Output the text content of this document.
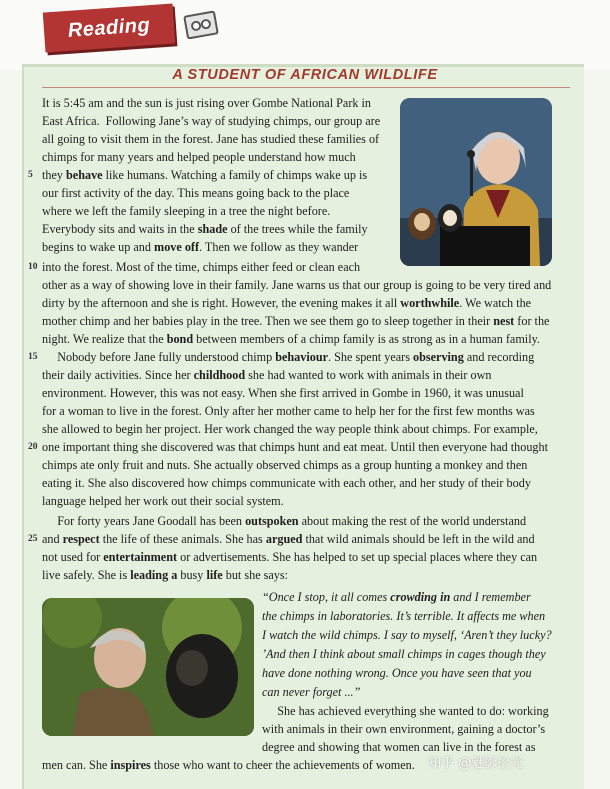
Reading
A STUDENT OF AFRICAN WILDLIFE
It is 5:45 am and the sun is just rising over Gombe National Park in
East Africa.  Following Jane’s way of studying chimps, our group are
all going to visit them in the forest. Jane has studied these families of
chimps for many years and helped people understand how much
5 they behave like humans. Watching a family of chimps wake up is
our first activity of the day. This means going back to the place
where we left the family sleeping in a tree the night before.
Everybody sits and waits in the shade of the trees while the family
begins to wake up and move off. Then we follow as they wander
10 into the forest. Most of the time, chimps either feed or clean each
other as a way of showing love in their family. Jane warns us that our group is going to be very tired and
dirty by the afternoon and she is right. However, the evening makes it all worthwhile. We watch the
mother chimp and her babies play in the tree. Then we see them go to sleep together in their nest for the
night. We realize that the bond between members of a chimp family is as strong as in a human family.
15 Nobody before Jane fully understood chimp behaviour. She spent years observing and recording
their daily activities. Since her childhood she had wanted to work with animals in their own
environment. However, this was not easy. When she first arrived in Gombe in 1960, it was unusual
for a woman to live in the forest. Only after her mother came to help her for the first few months was
she allowed to begin her project. Her work changed the way people think about chimps. For example,
20 one important thing she discovered was that chimps hunt and eat meat. Until then everyone had thought
chimps ate only fruit and nuts. She actually observed chimps as a group hunting a monkey and then
eating it. She also discovered how chimps communicate with each other, and her study of their body
language helped her work out their social system.
For forty years Jane Goodall has been outspoken about making the rest of the world understand
25 and respect the life of these animals. She has argued that wild animals should be left in the wild and
not used for entertainment or advertisements. She has helped to set up special places where they can
live safely. She is leading a busy life but she says:
“Once I stop, it all comes crowding in and I remember
the chimps in laboratories. It’s terrible. It affects me when
I watch the wild chimps. I say to myself, ‘Aren’t they lucky?
’And then I think about small chimps in cages though they
have done nothing wrong. Once you have seen that you
can never forget ...”
She has achieved everything she wanted to do: working
with animals in their own environment, gaining a doctor’s
degree and showing that women can live in the forest as
men can. She inspires those who want to cheer the achievements of women. 知乎 @魅影拾光
